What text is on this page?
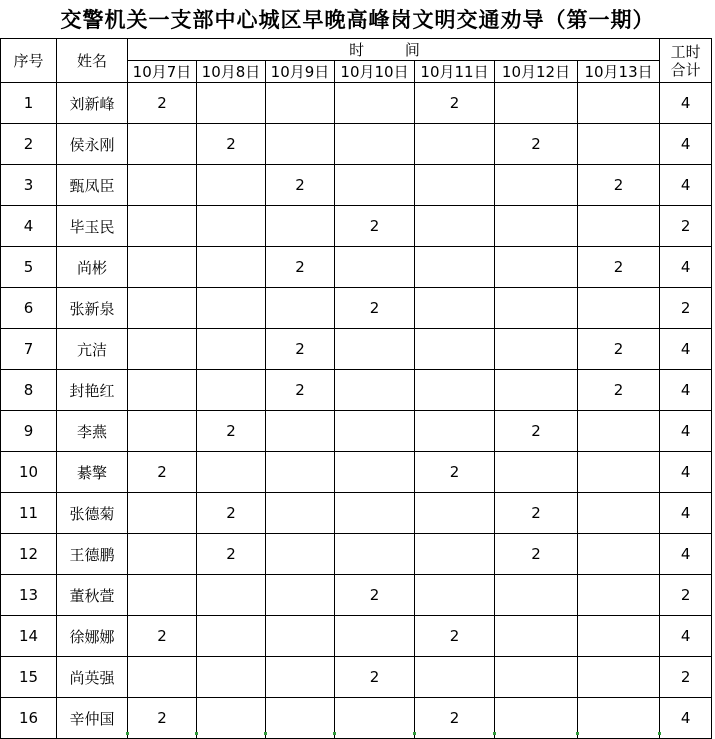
交警机关一支部中心城区早晚高峰岗文明交通劝导（第一期）
序号	姓名	时 间							工时
合计
		10月7日	10月8日	10月9日	10月10日	10月11日	10月12日	10月13日	
1	刘新峰	2				2			4
2	侯永刚		2				2		4
3	甄凤臣			2				2	4
4	毕玉民				2				2
5	尚彬			2				2	4
6	张新泉				2				2
7	亢洁			2				2	4
8	封艳红			2				2	4
9	李燕		2				2		4
10	綦擎	2				2			4
11	张德菊		2				2		4
12	王德鹏		2				2		4
13	董秋萱				2				2
14	徐娜娜	2				2			4
15	尚英强				2				2
16	辛仲国	2				2			4
